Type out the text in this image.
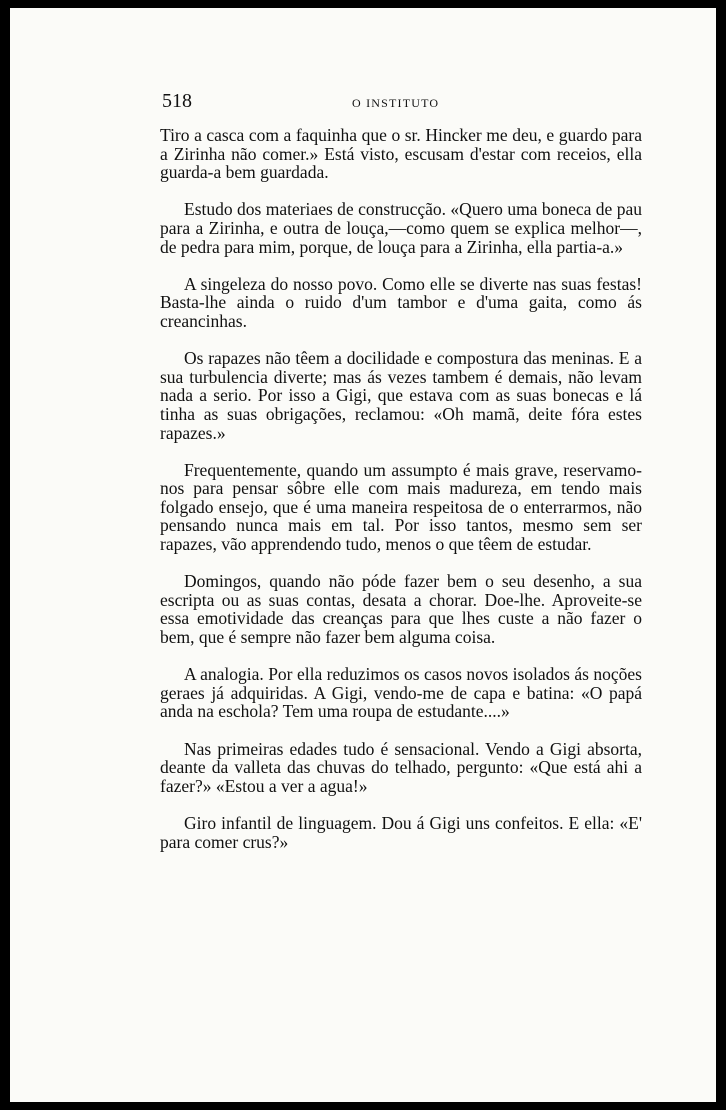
518	O INSTITUTO

Tiro a casca com a faquinha que o sr. Hincker me deu, e guardo para a Zirinha não comer.» Está visto, escusam d'estar com receios, ella guarda-a bem guardada.

Estudo dos materiaes de construcção. «Quero uma boneca de pau para a Zirinha, e outra de louça,—como quem se explica melhor—, de pedra para mim, porque, de louça para a Zirinha, ella partia-a.»

A singeleza do nosso povo. Como elle se diverte nas suas festas! Basta-lhe ainda o ruido d'um tambor e d'uma gaita, como ás creancinhas.

Os rapazes não têem a docilidade e compostura das meninas. E a sua turbulencia diverte; mas ás vezes tambem é demais, não levam nada a serio. Por isso a Gigi, que estava com as suas bonecas e lá tinha as suas obrigações, reclamou: «Oh mamã, deite fóra estes rapazes.»

Frequentemente, quando um assumpto é mais grave, reservamo-nos para pensar sôbre elle com mais madureza, em tendo mais folgado ensejo, que é uma maneira respeitosa de o enterrarmos, não pensando nunca mais em tal. Por isso tantos, mesmo sem ser rapazes, vão apprendendo tudo, menos o que têem de estudar.

Domingos, quando não póde fazer bem o seu desenho, a sua escripta ou as suas contas, desata a chorar. Doe-lhe. Aproveite-se essa emotividade das creanças para que lhes custe a não fazer o bem, que é sempre não fazer bem alguma coisa.

A analogia. Por ella reduzimos os casos novos isolados ás noções geraes já adquiridas. A Gigi, vendo-me de capa e batina: «O papá anda na eschola? Tem uma roupa de estudante....»

Nas primeiras edades tudo é sensacional. Vendo a Gigi absorta, deante da valleta das chuvas do telhado, pergunto: «Que está ahi a fazer?» «Estou a ver a agua!»

Giro infantil de linguagem. Dou á Gigi uns confeitos. E ella: «E' para comer crus?»
